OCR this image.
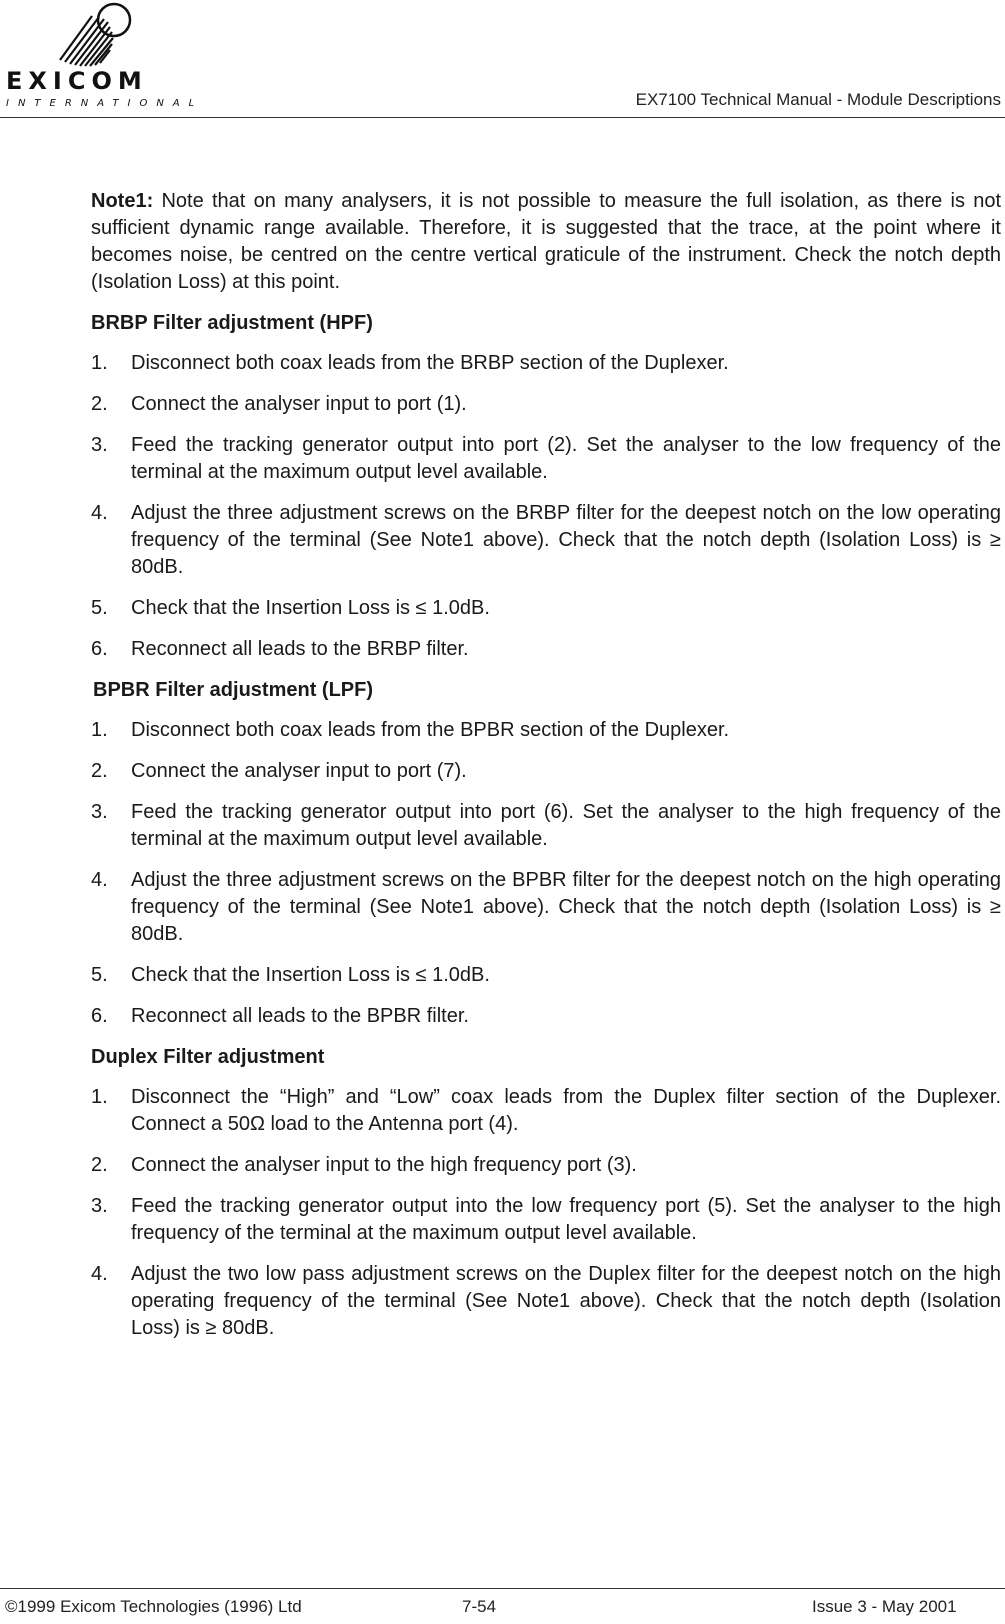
EXICOM
INTERNATIONAL	EX7100 Technical Manual - Module Descriptions

Note1: Note that on many analysers, it is not possible to measure the full isolation, as there is not sufficient dynamic range available. Therefore, it is suggested that the trace, at the point where it becomes noise, be centred on the centre vertical graticule of the instrument. Check the notch depth (Isolation Loss) at this point.

BRBP Filter adjustment (HPF)
1. Disconnect both coax leads from the BRBP section of the Duplexer.
2. Connect the analyser input to port (1).
3. Feed the tracking generator output into port (2). Set the analyser to the low frequency of the terminal at the maximum output level available.
4. Adjust the three adjustment screws on the BRBP filter for the deepest notch on the low operating frequency of the terminal (See Note1 above). Check that the notch depth (Isolation Loss) is ≥ 80dB.
5. Check that the Insertion Loss is ≤ 1.0dB.
6. Reconnect all leads to the BRBP filter.
BPBR Filter adjustment (LPF)
1. Disconnect both coax leads from the BPBR section of the Duplexer.
2. Connect the analyser input to port (7).
3. Feed the tracking generator output into port (6). Set the analyser to the high frequency of the terminal at the maximum output level available.
4. Adjust the three adjustment screws on the BPBR filter for the deepest notch on the high operating frequency of the terminal (See Note1 above). Check that the notch depth (Isolation Loss) is ≥ 80dB.
5. Check that the Insertion Loss is ≤ 1.0dB.
6. Reconnect all leads to the BPBR filter.
Duplex Filter adjustment
1. Disconnect the “High” and “Low” coax leads from the Duplex filter section of the Duplexer. Connect a 50Ω load to the Antenna port (4).
2. Connect the analyser input to the high frequency port (3).
3. Feed the tracking generator output into the low frequency port (5). Set the analyser to the high frequency of the terminal at the maximum output level available.
4. Adjust the two low pass adjustment screws on the Duplex filter for the deepest notch on the high operating frequency of the terminal (See Note1 above). Check that the notch depth (Isolation Loss) is ≥ 80dB.
©1999 Exicom Technologies (1996) Ltd	7-54	Issue 3 - May 2001
